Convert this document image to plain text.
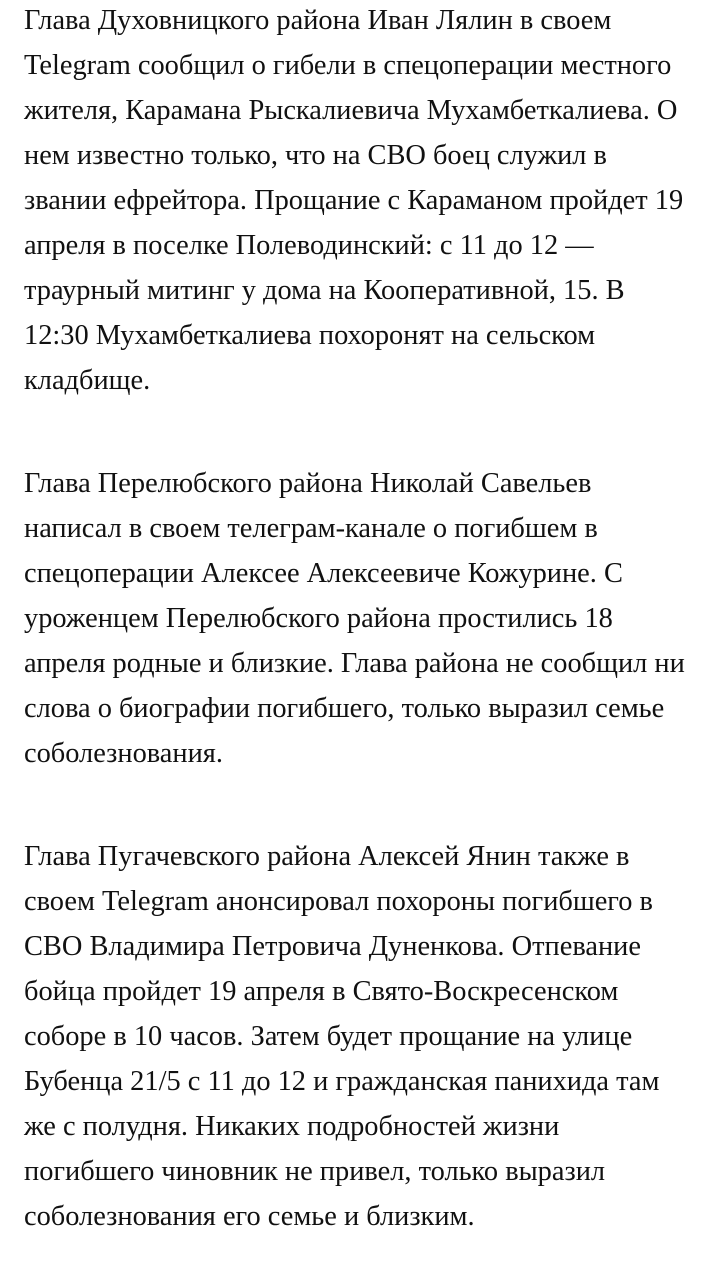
Глава Духовницкого района Иван Лялин в своем
Telegram сообщил о гибели в спецоперации местного
жителя, Карамана Рыскалиевича Мухамбеткалиева. О
нем известно только, что на СВО боец служил в
звании ефрейтора. Прощание с Караманом пройдет 19
апреля в поселке Полеводинский: с 11 до 12 —
траурный митинг у дома на Кооперативной, 15. В
12:30 Мухамбеткалиева похоронят на сельском
кладбище.
Глава Перелюбского района Николай Савельев
написал в своем телеграм-канале о погибшем в
спецоперации Алексее Алексеевиче Кожурине. С
уроженцем Перелюбского района простились 18
апреля родные и близкие. Глава района не сообщил ни
слова о биографии погибшего, только выразил семье
соболезнования.
Глава Пугачевского района Алексей Янин также в
своем Telegram анонсировал похороны погибшего в
СВО Владимира Петровича Дуненкова. Отпевание
бойца пройдет 19 апреля в Свято-Воскресенском
соборе в 10 часов. Затем будет прощание на улице
Бубенца 21/5 с 11 до 12 и гражданская панихида там
же с полудня. Никаких подробностей жизни
погибшего чиновник не привел, только выразил
соболезнования его семье и близким.
